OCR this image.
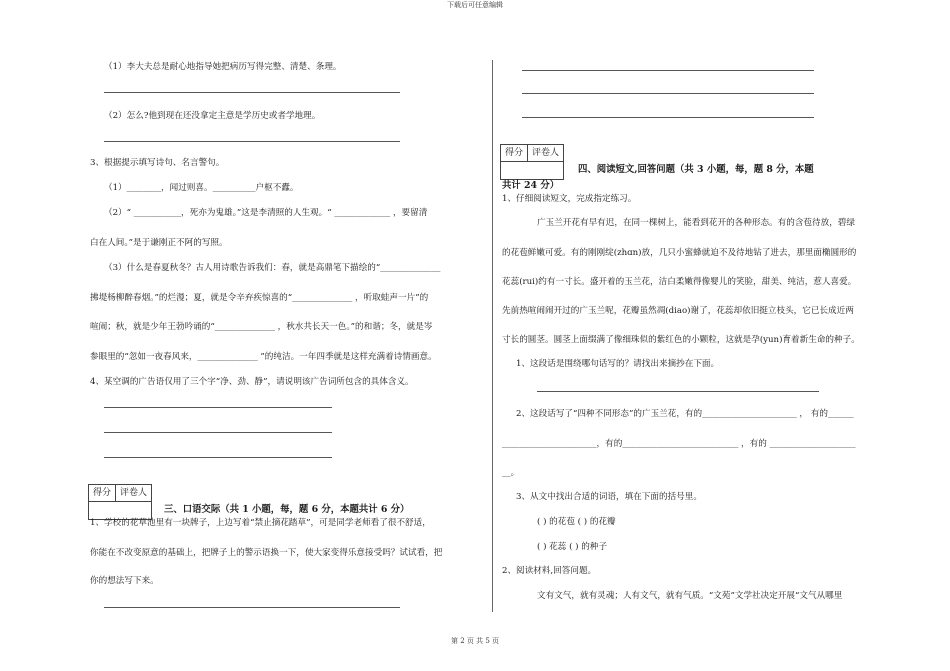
下载后可任意编辑
（1）李大夫总是耐心地指导她把病历写得完整、清楚、条理。
（2）怎么?他到现在还没拿定主意是学历史或者学地理。
3、根据提示填写诗句、名言警句。
（1）________，闻过则喜。__________户枢不蠹。
（2）“ ___________，死亦为鬼雄。”这是李清照的人生观。“ _____________ ，要留清
白在人间。”是于谦刚正不阿的写照。
（3）什么是春夏秋冬？古人用诗歌告诉我们：春，就是高鼎笔下描绘的“______________
拂堤杨柳醉春烟。”的烂漫；夏，就是令辛弃疾惊喜的“______________ ，听取蛙声一片”的
喧闹；秋，就是少年王勃吟诵的“______________ ，秋水共长天一色。”的和谐；冬，就是岑
参眼里的“忽如一夜春风来，______________ ”的纯洁。一年四季就是这样充满着诗情画意。
4、某空调的广告语仅用了三个字“净、劲、静”，请说明该广告词所包含的具体含义。
得分	评卷人
三、口语交际（共 1 小题，每，题 6 分，本题共计 6 分）
1、学校的花草池里有一块牌子，上边写着“禁止摘花踏草”，可是同学老师看了很不舒适，
你能在不改变原意的基础上，把牌子上的警示语换一下，使大家变得乐意接受吗？试试看，把
你的想法写下来。
得分	评卷人
四、阅读短文,回答问题（共 3 小题，每，题 8 分，本题
共计 24 分）
1、仔细阅读短文，完成指定练习。
广玉兰开花有早有迟，在同一棵树上，能看到花开的各种形态。有的含苞待放，碧绿
的花苞鲜嫩可爱。有的刚刚绽(zhɑn)放，几只小蜜蜂就迫不及待地钻了进去，那里面椭圆形的
花蕊(rui)约有一寸长。盛开着的玉兰花，洁白柔嫩得像婴儿的笑脸，甜美、纯洁，惹人喜爱。
先前热喧闹闹开过的广玉兰呢，花瓣虽然凋(diao)谢了，花蕊却依旧挺立枝头，它已长成近两
寸长的圆茎。圆茎上面缀满了像细珠似的紫红色的小颗粒，这就是孕(yun)育着新生命的种子。
1、这段话是围绕哪句话写的？请找出来摘抄在下面。
2、这段话写了“四种不同形态”的广玉兰花，有的______________________ ， 有的______
______________________，有的___________________________ ，有的 ____________________
__。
3、从文中找出合适的词语，填在下面的括号里。
( ) 的花苞 ( ) 的花瓣
( ) 花蕊 ( ) 的种子
2、阅读材料,回答问题。
文有文气，就有灵魂；人有文气，就有气质。“文苑”文学社决定开展“文气从哪里
第 2 页 共 5 页
